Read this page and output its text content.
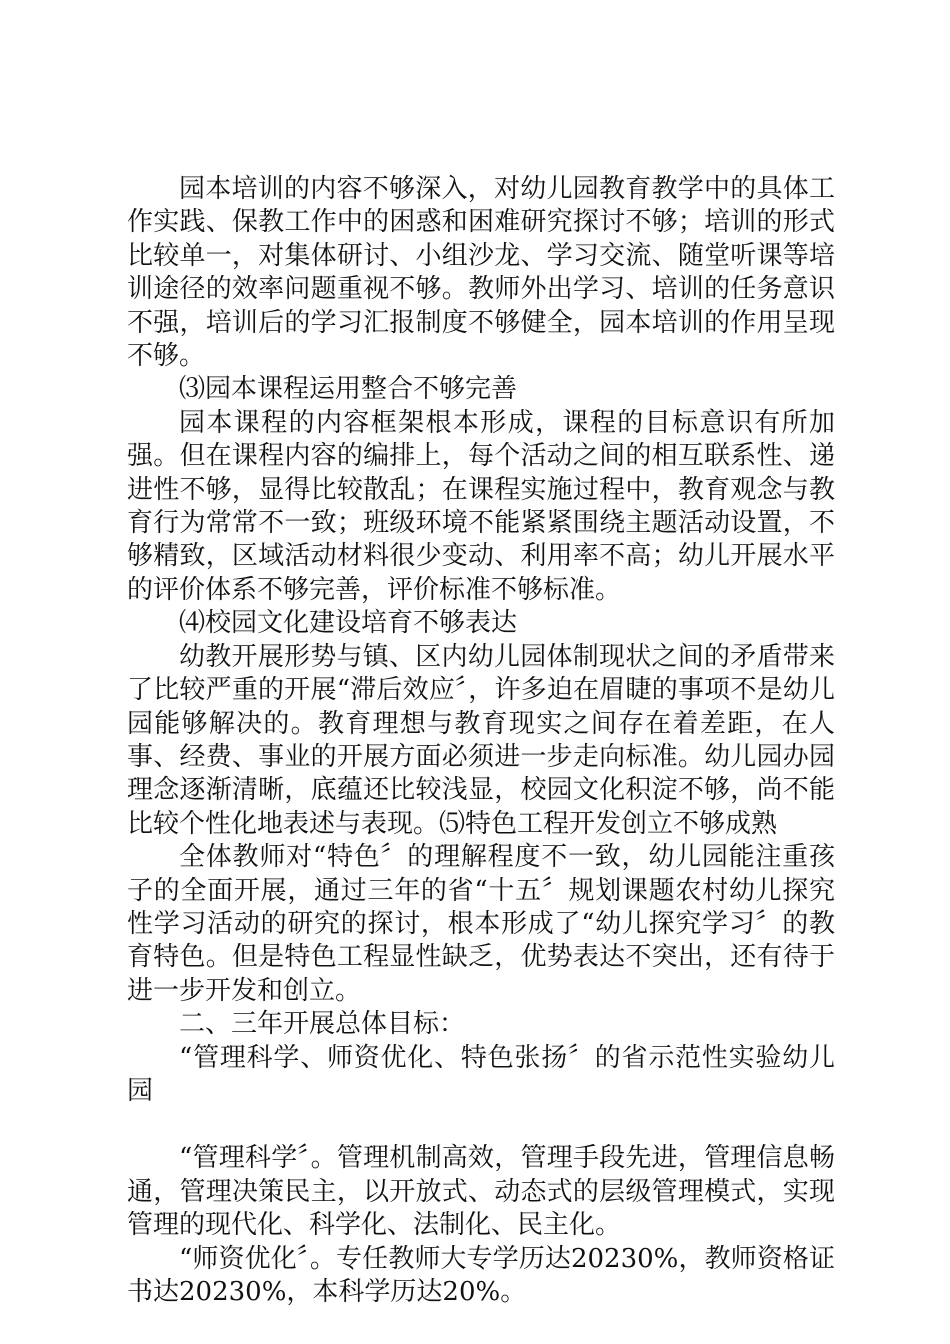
园本培训的内容不够深入，对幼儿园教育教学中的具体工作实践、保教工作中的困惑和困难研究探讨不够；培训的形式比较单一，对集体研讨、小组沙龙、学习交流、随堂听课等培训途径的效率问题重视不够。教师外出学习、培训的任务意识不强，培训后的学习汇报制度不够健全，园本培训的作用呈现不够。

⑶园本课程运用整合不够完善

园本课程的内容框架根本形成，课程的目标意识有所加强。但在课程内容的编排上，每个活动之间的相互联系性、递进性不够，显得比较散乱；在课程实施过程中，教育观念与教育行为常常不一致；班级环境不能紧紧围绕主题活动设置，不够精致，区域活动材料很少变动、利用率不高；幼儿开展水平的评价体系不够完善，评价标准不够标准。

⑷校园文化建设培育不够表达

幼教开展形势与镇、区内幼儿园体制现状之间的矛盾带来了比较严重的开展“滞后效应〞，许多迫在眉睫的事项不是幼儿园能够解决的。教育理想与教育现实之间存在着差距，在人事、经费、事业的开展方面必须进一步走向标准。幼儿园办园理念逐渐清晰，底蕴还比较浅显，校园文化积淀不够，尚不能比较个性化地表述与表现。⑸特色工程开发创立不够成熟

全体教师对“特色〞的理解程度不一致，幼儿园能注重孩子的全面开展，通过三年的省“十五〞规划课题农村幼儿探究性学习活动的研究的探讨，根本形成了“幼儿探究学习〞的教育特色。但是特色工程显性缺乏，优势表达不突出，还有待于进一步开发和创立。

二、三年开展总体目标：

“管理科学、师资优化、特色张扬〞的省示范性实验幼儿园

“管理科学〞。管理机制高效，管理手段先进，管理信息畅通，管理决策民主，以开放式、动态式的层级管理模式，实现管理的现代化、科学化、法制化、民主化。

“师资优化〞。专任教师大专学历达20230%，教师资格证书达20230%，本科学历达20%。
